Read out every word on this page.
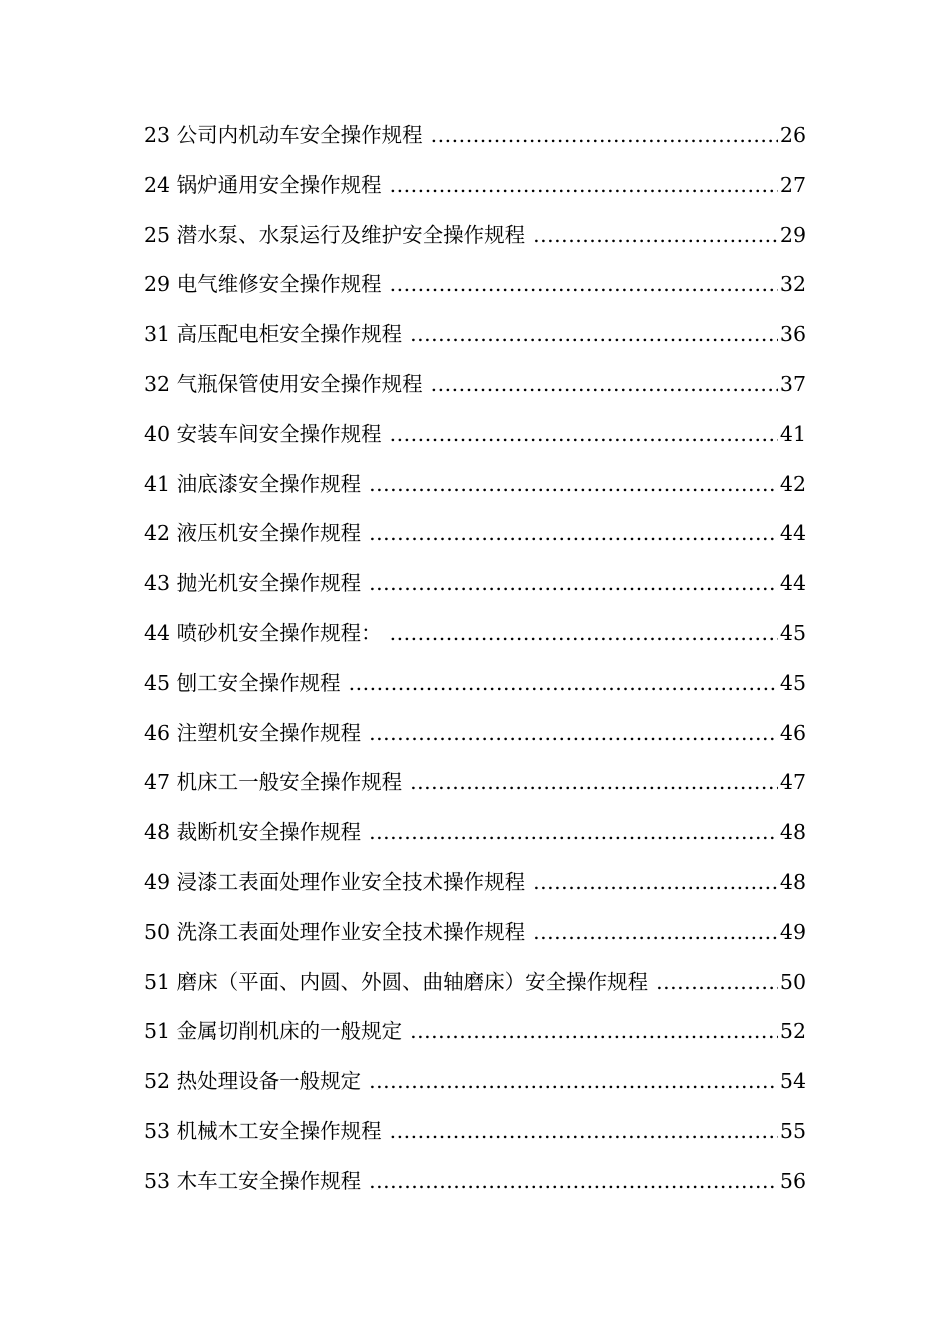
23 公司内机动车安全操作规程 .....	26
24 锅炉通用安全操作规程 .....	27
25 潜水泵、水泵运行及维护安全操作规程 .....	29
29 电气维修安全操作规程 .....	32
31 高压配电柜安全操作规程 .....	36
32 气瓶保管使用安全操作规程 .....	37
40 安装车间安全操作规程 .....	41
41 油底漆安全操作规程 .....	42
42 液压机安全操作规程 .....	44
43 抛光机安全操作规程 .....	44
44 喷砂机安全操作规程： .....	45
45 刨工安全操作规程 .....	45
46 注塑机安全操作规程 .....	46
47 机床工一般安全操作规程 .....	47
48 裁断机安全操作规程 .....	48
49 浸漆工表面处理作业安全技术操作规程 .....	48
50 洗涤工表面处理作业安全技术操作规程 .....	49
51 磨床（平面、内圆、外圆、曲轴磨床）安全操作规程 .....	50
51 金属切削机床的一般规定 .....	52
52 热处理设备一般规定 .....	54
53 机械木工安全操作规程 .....	55
53 木车工安全操作规程 .....	56
